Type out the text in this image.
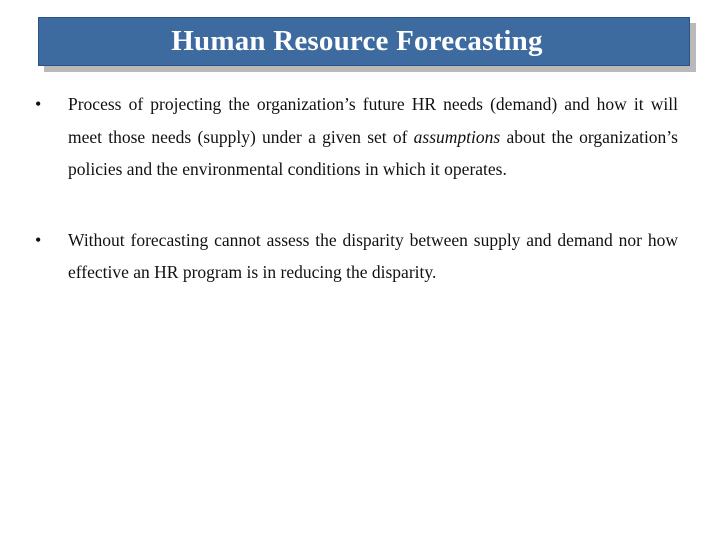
Human Resource Forecasting
•	Process of projecting the organization’s future HR needs (demand) and how it will meet those needs (supply) under a given set of assumptions about the organization’s policies and the environmental conditions in which it operates.
•	Without forecasting cannot assess the disparity between supply and demand nor how effective an HR program is in reducing the disparity.
